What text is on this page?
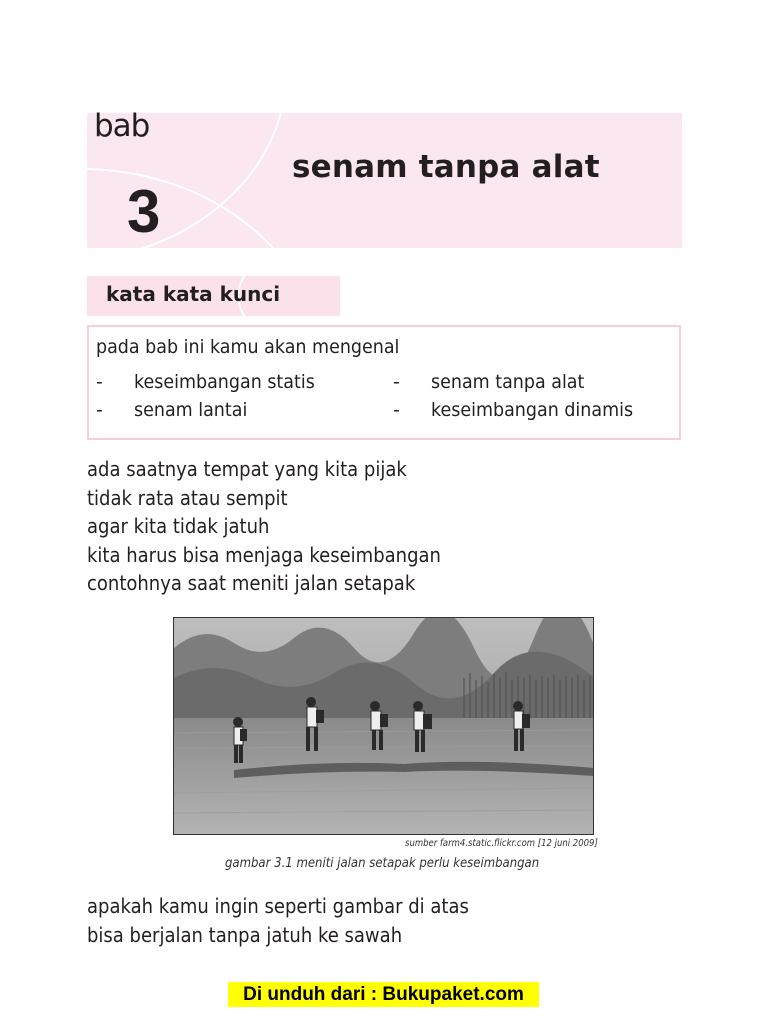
bab
3
senam tanpa alat
kata kata kunci
pada bab ini kamu akan mengenal
- keseimbangan statis
- senam lantai
- senam tanpa alat
- keseimbangan dinamis
ada saatnya tempat yang kita pijak
tidak rata atau sempit
agar kita tidak jatuh
kita harus bisa menjaga keseimbangan
contohnya saat meniti jalan setapak
sumber farm4.static.flickr.com [12 juni 2009]
gambar 3.1 meniti jalan setapak perlu keseimbangan
apakah kamu ingin seperti gambar di atas
bisa berjalan tanpa jatuh ke sawah
Di unduh dari : Bukupaket.com
